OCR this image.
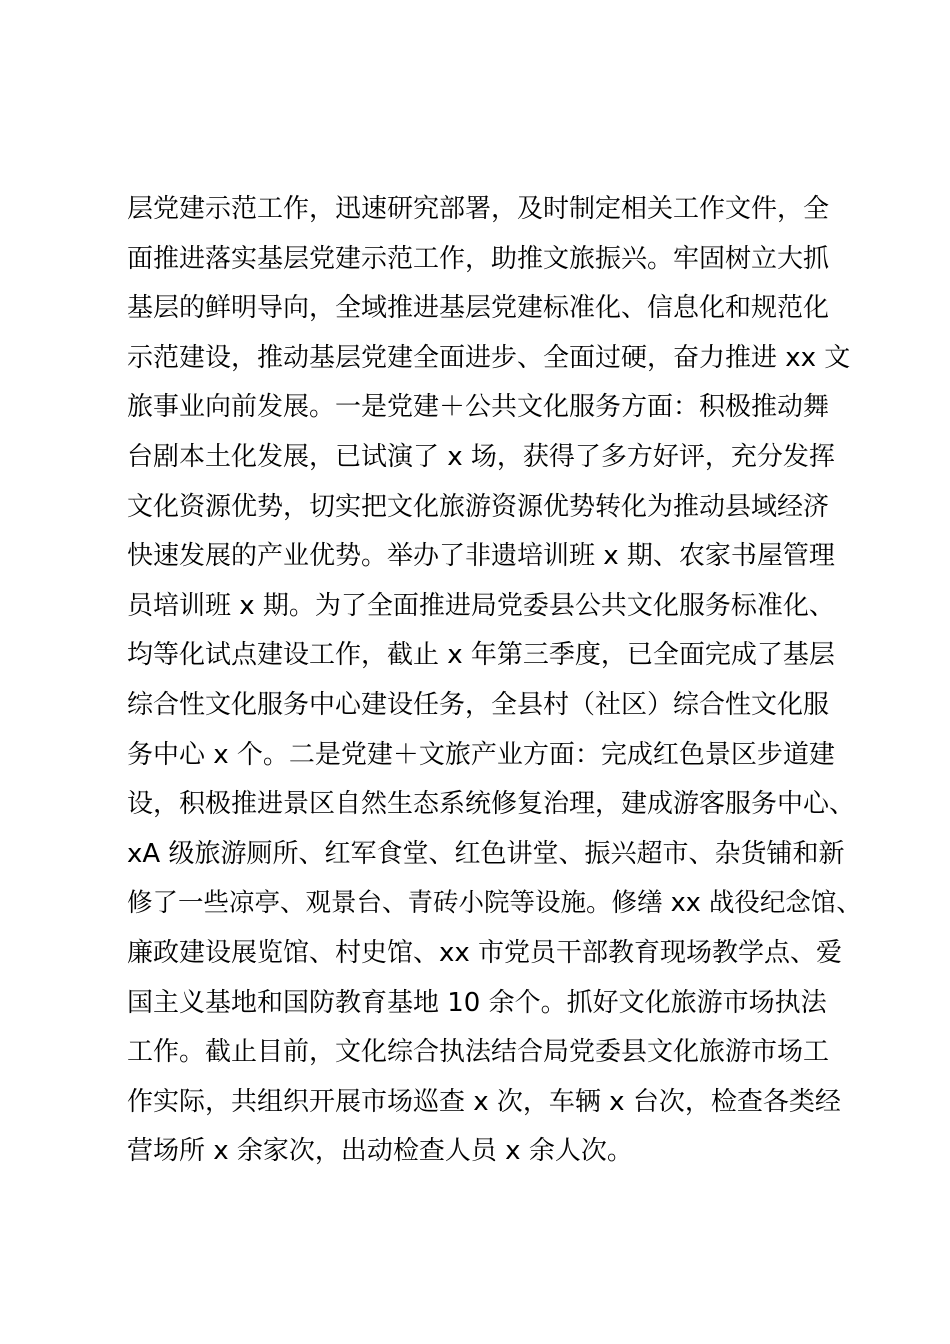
层党建示范工作，迅速研究部署，及时制定相关工作文件，全
面推进落实基层党建示范工作，助推文旅振兴。牢固树立大抓
基层的鲜明导向，全域推进基层党建标准化、信息化和规范化
示范建设，推动基层党建全面进步、全面过硬，奋力推进 xx 文
旅事业向前发展。一是党建＋公共文化服务方面：积极推动舞
台剧本土化发展，已试演了 x 场，获得了多方好评，充分发挥
文化资源优势，切实把文化旅游资源优势转化为推动县域经济
快速发展的产业优势。举办了非遗培训班 x 期、农家书屋管理
员培训班 x 期。为了全面推进局党委县公共文化服务标准化、
均等化试点建设工作，截止 x 年第三季度，已全面完成了基层
综合性文化服务中心建设任务，全县村（社区）综合性文化服
务中心 x 个。二是党建＋文旅产业方面：完成红色景区步道建
设，积极推进景区自然生态系统修复治理，建成游客服务中心、
xA 级旅游厕所、红军食堂、红色讲堂、振兴超市、杂货铺和新
修了一些凉亭、观景台、青砖小院等设施。修缮 xx 战役纪念馆、
廉政建设展览馆、村史馆、xx 市党员干部教育现场教学点、爱
国主义基地和国防教育基地 10 余个。抓好文化旅游市场执法
工作。截止目前，文化综合执法结合局党委县文化旅游市场工
作实际，共组织开展市场巡查 x 次，车辆 x 台次，检查各类经
营场所 x 余家次，出动检查人员 x 余人次。
